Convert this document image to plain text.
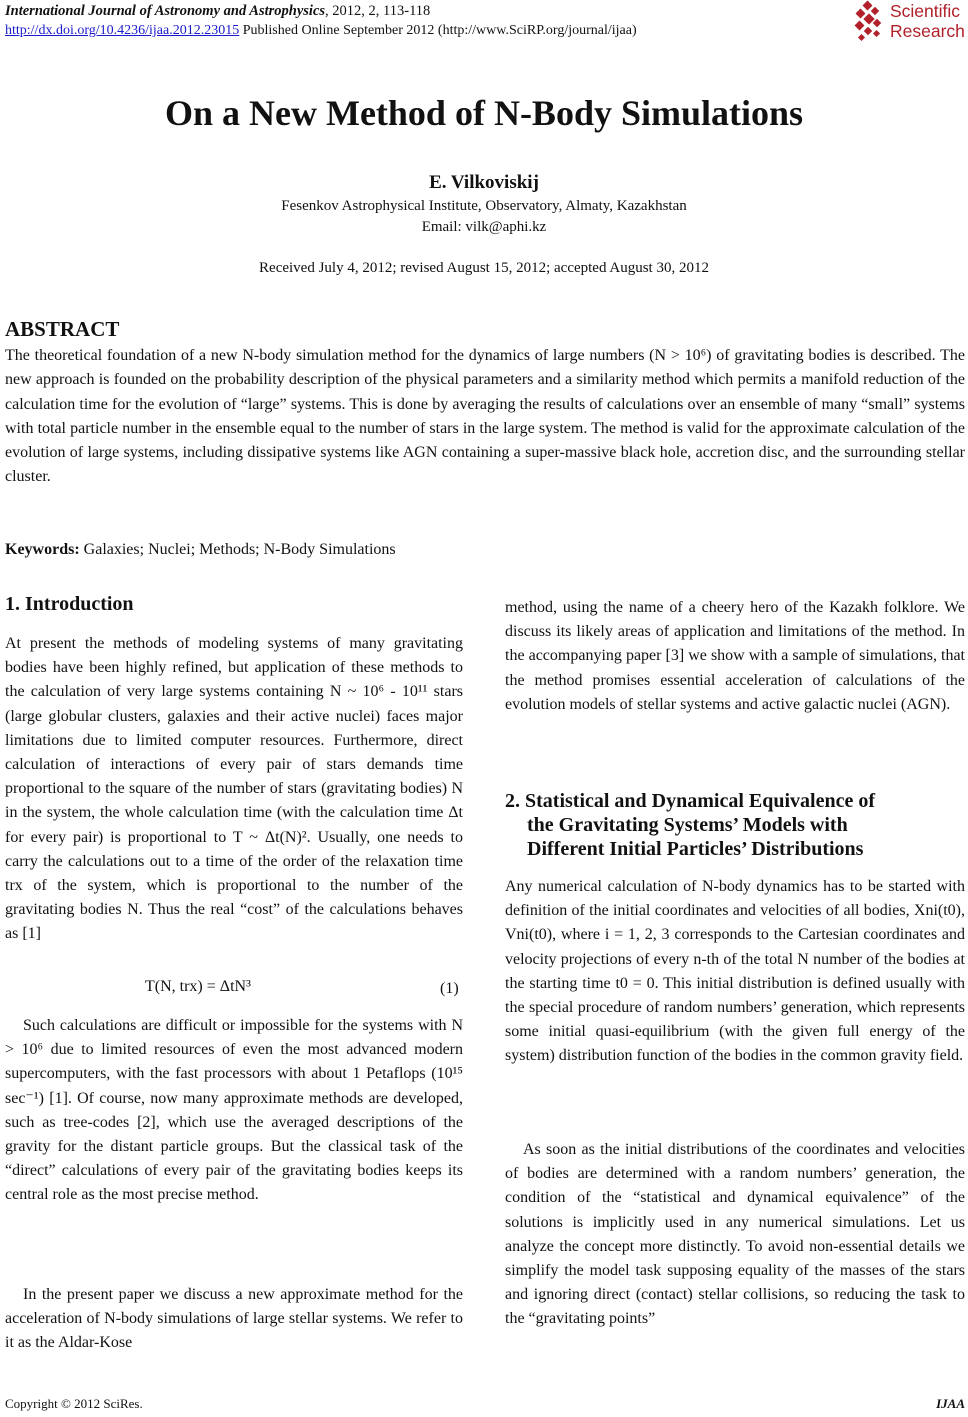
International Journal of Astronomy and Astrophysics, 2012, 2, 113-118
http://dx.doi.org/10.4236/ijaa.2012.23015 Published Online September 2012 (http://www.SciRP.org/journal/ijaa)
Scientific
Research
On a New Method of N-Body Simulations
E. Vilkoviskij
Fesenkov Astrophysical Institute, Observatory, Almaty, Kazakhstan
Email: vilk@aphi.kz
Received July 4, 2012; revised August 15, 2012; accepted August 30, 2012
ABSTRACT
The theoretical foundation of a new N-body simulation method for the dynamics of large numbers (N > 10⁶) of gravitating bodies is described. The new approach is founded on the probability description of the physical parameters and a similarity method which permits a manifold reduction of the calculation time for the evolution of “large” systems. This is done by averaging the results of calculations over an ensemble of many “small” systems with total particle number in the ensemble equal to the number of stars in the large system. The method is valid for the approximate calculation of the evolution of large systems, including dissipative systems like AGN containing a super-massive black hole, accretion disc, and the surrounding stellar cluster.
Keywords: Galaxies; Nuclei; Methods; N-Body Simulations
1. Introduction

At present the methods of modeling systems of many gravitating bodies have been highly refined, but application of these methods to the calculation of very large systems containing N ~ 10⁶ - 10¹¹ stars (large globular clusters, galaxies and their active nuclei) faces major limitations due to limited computer resources. Furthermore, direct calculation of interactions of every pair of stars demands time proportional to the square of the number of stars (gravitating bodies) N in the system, the whole calculation time (with the calculation time Δt for every pair) is proportional to T ~ Δt(N)². Usually, one needs to carry the calculations out to a time of the order of the relaxation time trx of the system, which is proportional to the number of the gravitating bodies N. Thus the real “cost” of the calculations behaves as [1]

T(N, trx) = ΔtN³	(1)

Such calculations are difficult or impossible for the systems with N > 10⁶ due to limited resources of even the most advanced modern supercomputers, with the fast processors with about 1 Petaflops (10¹⁵ sec⁻¹) [1]. Of course, now many approximate methods are developed, such as tree-codes [2], which use the averaged descriptions of the gravity for the distant particle groups. But the classical task of the “direct” calculations of every pair of the gravitating bodies keeps its central role as the most precise method.

In the present paper we discuss a new approximate method for the acceleration of N-body simulations of large stellar systems. We refer to it as the Aldar-Kose

method, using the name of a cheery hero of the Kazakh folklore. We discuss its likely areas of application and limitations of the method. In the accompanying paper [3] we show with a sample of simulations, that the method promises essential acceleration of calculations of the evolution models of stellar systems and active galactic nuclei (AGN).

2. Statistical and Dynamical Equivalence of
the Gravitating Systems’ Models with
Different Initial Particles’ Distributions

Any numerical calculation of N-body dynamics has to be started with definition of the initial coordinates and velocities of all bodies, Xni(t0), Vni(t0), where i = 1, 2, 3 corresponds to the Cartesian coordinates and velocity projections of every n-th of the total N number of the bodies at the starting time t0 = 0. This initial distribution is defined usually with the special procedure of random numbers’ generation, which represents some initial quasi-equilibrium (with the given full energy of the system) distribution function of the bodies in the common gravity field.

As soon as the initial distributions of the coordinates and velocities of bodies are determined with a random numbers’ generation, the condition of the “statistical and dynamical equivalence” of the solutions is implicitly used in any numerical simulations. Let us analyze the concept more distinctly. To avoid non-essential details we simplify the model task supposing equality of the masses of the stars and ignoring direct (contact) stellar collisions, so reducing the task to the “gravitating points”

Copyright © 2012 SciRes.	IJAA
